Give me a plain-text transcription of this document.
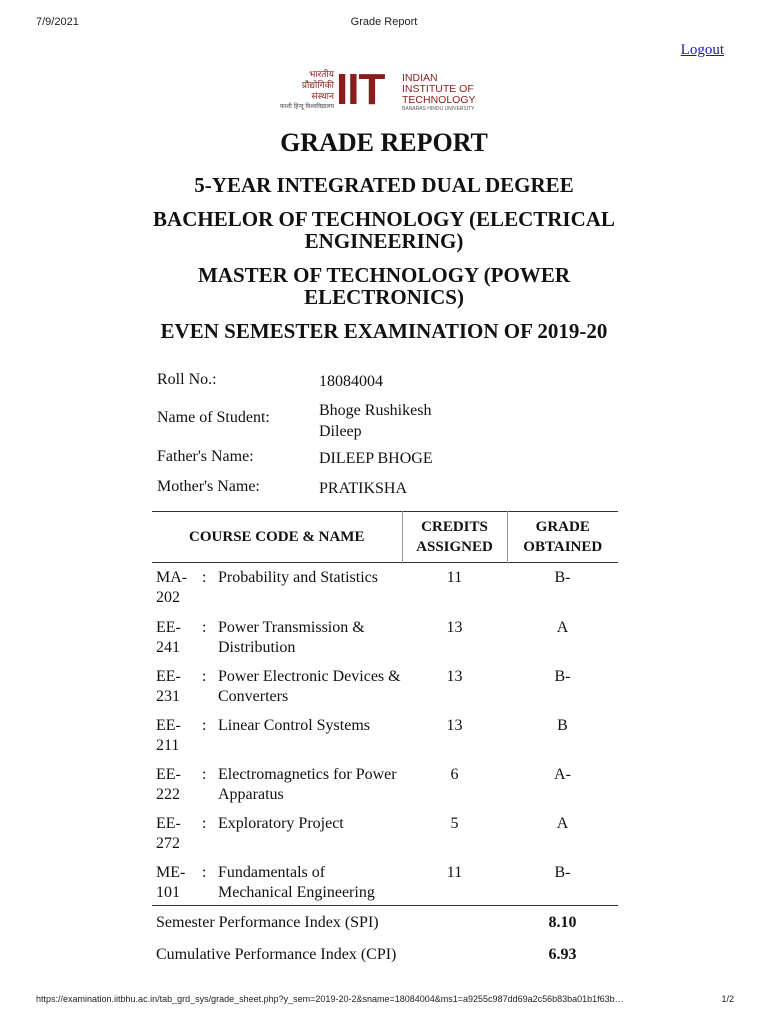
7/9/2021	Grade Report
Logout
भारतीय
प्रौद्योगिकी
संस्थान
काशी हिन्दू विश्वविद्यालय IIT INDIAN
INSTITUTE OF
TECHNOLOGY
BANARAS HINDU UNIVERSITY
GRADE REPORT
5-YEAR INTEGRATED DUAL DEGREE
BACHELOR OF TECHNOLOGY (ELECTRICAL ENGINEERING)
MASTER OF TECHNOLOGY (POWER ELECTRONICS)
EVEN SEMESTER EXAMINATION OF 2019-20
Roll No.:	18084004
Name of Student:	Bhoge Rushikesh Dileep
Father's Name:	DILEEP BHOGE
Mother's Name:	PRATIKSHA
COURSE CODE & NAME			CREDITS ASSIGNED	GRADE OBTAINED
MA-202	:	Probability and Statistics	11	B-
EE-241	:	Power Transmission & Distribution	13	A
EE-231	:	Power Electronic Devices & Converters	13	B-
EE-211	:	Linear Control Systems	13	B
EE-222	:	Electromagnetics for Power Apparatus	6	A-
EE-272	:	Exploratory Project	5	A
ME-101	:	Fundamentals of Mechanical Engineering	11	B-
Semester Performance Index (SPI)				8.10
Cumulative Performance Index (CPI)				6.93
https://examination.iitbhu.ac.in/tab_grd_sys/grade_sheet.php?y_sem=2019-20-2&sname=18084004&ms1=a9255c987dd69a2c56b83ba01b1f63b…	1/2
